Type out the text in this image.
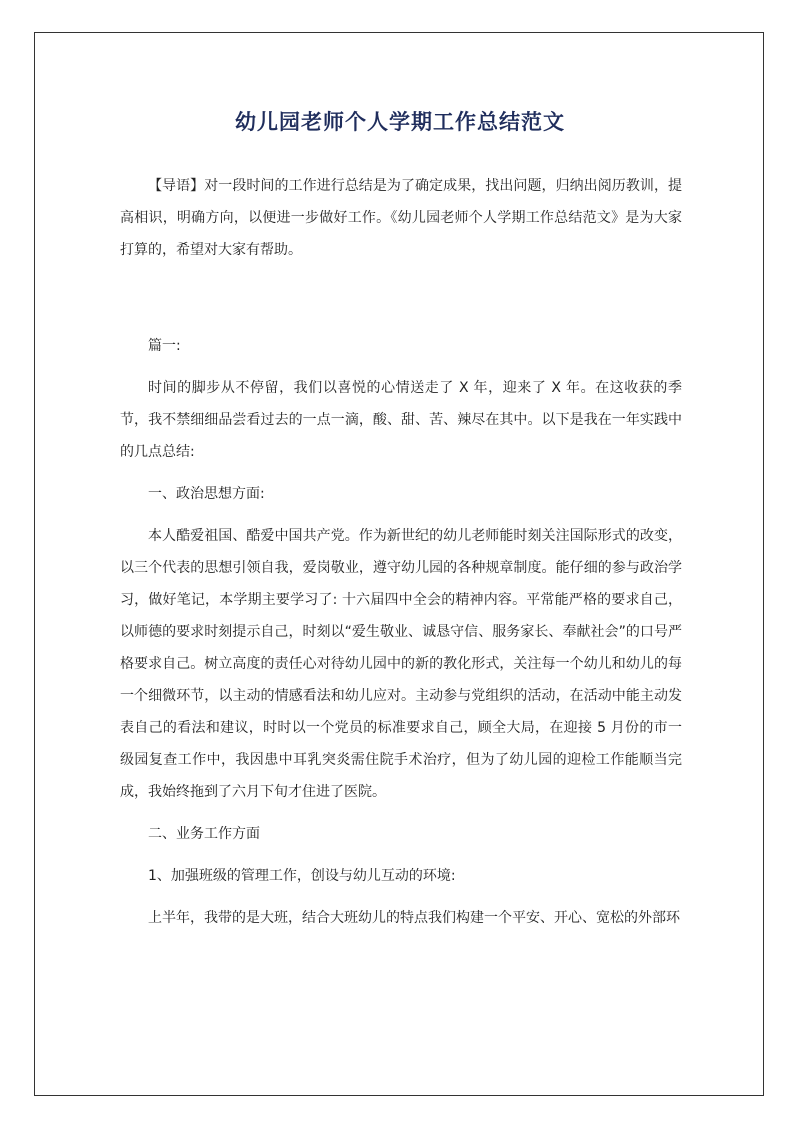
幼儿园老师个人学期工作总结范文

【导语】对一段时间的工作进行总结是为了确定成果，找出问题，归纳出阅历教训，提高相识，明确方向，以便进一步做好工作。《幼儿园老师个人学期工作总结范文》是为大家打算的，希望对大家有帮助。

篇一:

时间的脚步从不停留，我们以喜悦的心情送走了 X 年，迎来了 X 年。在这收获的季节，我不禁细细品尝看过去的一点一滴，酸、甜、苦、辣尽在其中。以下是我在一年实践中的几点总结:

一、政治思想方面:

本人酷爱祖国、酷爱中国共产党。作为新世纪的幼儿老师能时刻关注国际形式的改变，以三个代表的思想引领自我，爱岗敬业，遵守幼儿园的各种规章制度。能仔细的参与政治学习，做好笔记，本学期主要学习了: 十六届四中全会的精神内容。平常能严格的要求自己，以师德的要求时刻提示自己，时刻以“爱生敬业、诚恳守信、服务家长、奉献社会”的口号严格要求自己。树立高度的责任心对待幼儿园中的新的教化形式，关注每一个幼儿和幼儿的每一个细微环节，以主动的情感看法和幼儿应对。主动参与党组织的活动，在活动中能主动发表自己的看法和建议，时时以一个党员的标准要求自己，顾全大局，在迎接 5 月份的市一级园复查工作中，我因患中耳乳突炎需住院手术治疗，但为了幼儿园的迎检工作能顺当完成，我始终拖到了六月下旬才住进了医院。

二、业务工作方面

1、加强班级的管理工作，创设与幼儿互动的环境:

上半年，我带的是大班，结合大班幼儿的特点我们构建一个平安、开心、宽松的外部环
